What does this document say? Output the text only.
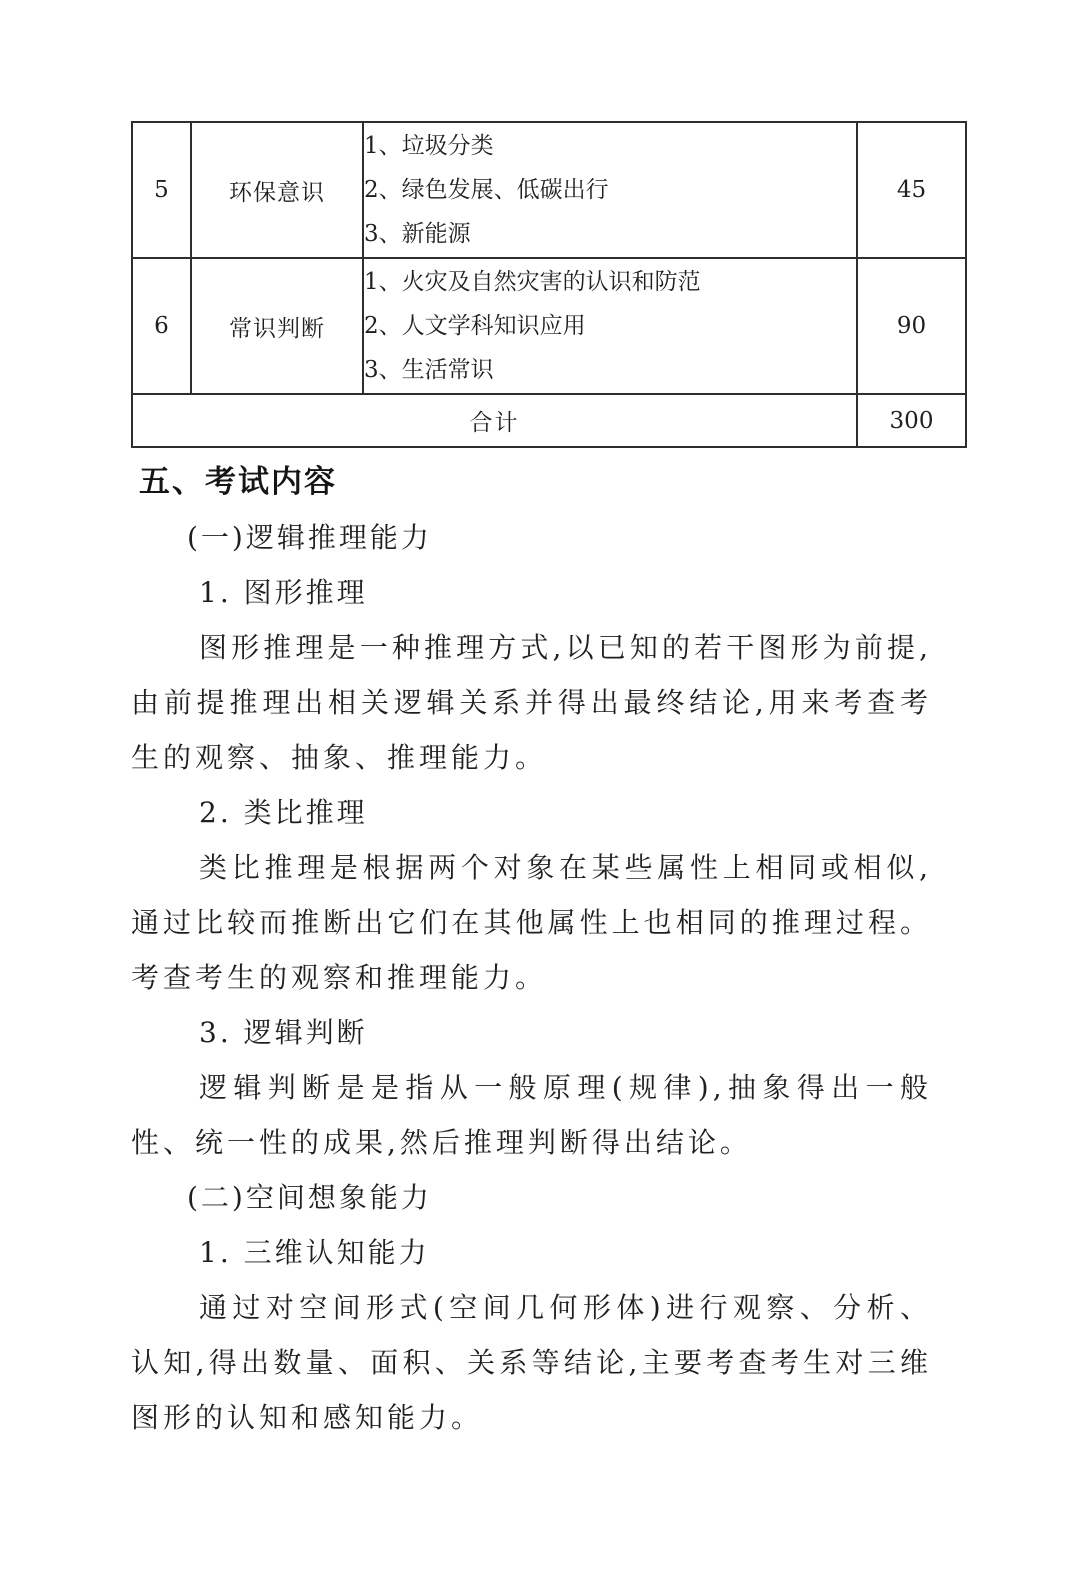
5	环保意识	1、垃圾分类
2、绿色发展、低碳出行
3、新能源	45
6	常识判断	1、火灾及自然灾害的认识和防范
2、人文学科知识应用
3、生活常识	90
合计			300
五、考试内容

(一)逻辑推理能力

1. 图形推理

图形推理是一种推理方式,以已知的若干图形为前提,由前提推理出相关逻辑关系并得出最终结论,用来考查考生的观察、抽象、推理能力。

2. 类比推理

类比推理是根据两个对象在某些属性上相同或相似,通过比较而推断出它们在其他属性上也相同的推理过程。考查考生的观察和推理能力。

3. 逻辑判断

逻辑判断是是指从一般原理(规律),抽象得出一般性、统一性的成果,然后推理判断得出结论。

(二)空间想象能力

1. 三维认知能力

通过对空间形式(空间几何形体)进行观察、分析、认知,得出数量、面积、关系等结论,主要考查考生对三维图形的认知和感知能力。
